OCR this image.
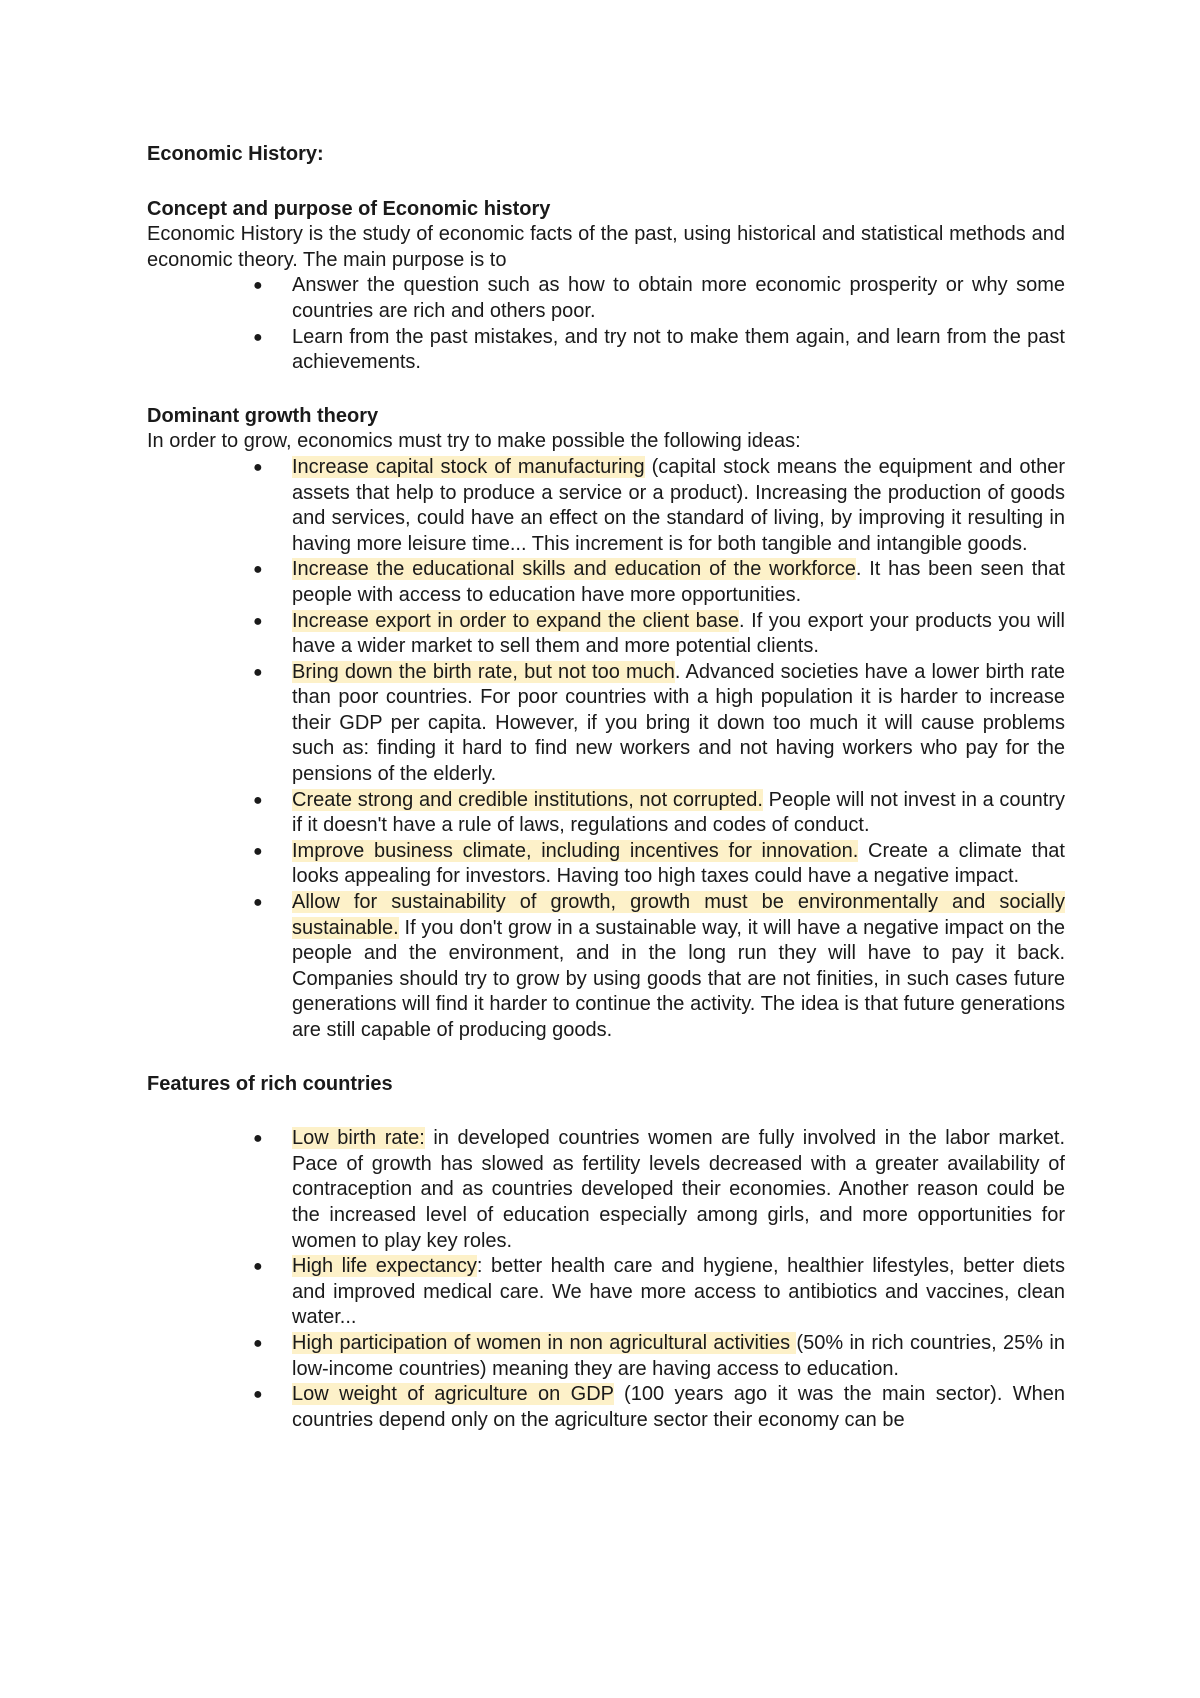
Economic History:
Concept and purpose of Economic history

Economic History is the study of economic facts of the past, using historical and statistical methods and economic theory. The main purpose is to

● Answer the question such as how to obtain more economic prosperity or why some countries are rich and others poor.
● Learn from the past mistakes, and try not to make them again, and learn from the past achievements.
Dominant growth theory

In order to grow, economics must try to make possible the following ideas:

● Increase capital stock of manufacturing (capital stock means the equipment and other assets that help to produce a service or a product). Increasing the production of goods and services, could have an effect on the standard of living, by improving it resulting in having more leisure time... This increment is for both tangible and intangible goods.
● Increase the educational skills and education of the workforce. It has been seen that people with access to education have more opportunities.
● Increase export in order to expand the client base. If you export your products you will have a wider market to sell them and more potential clients.
● Bring down the birth rate, but not too much. Advanced societies have a lower birth rate than poor countries. For poor countries with a high population it is harder to increase their GDP per capita. However, if you bring it down too much it will cause problems such as: finding it hard to find new workers and not having workers who pay for the pensions of the elderly.
● Create strong and credible institutions, not corrupted. People will not invest in a country if it doesn't have a rule of laws, regulations and codes of conduct.
● Improve business climate, including incentives for innovation. Create a climate that looks appealing for investors. Having too high taxes could have a negative impact.
● Allow for sustainability of growth, growth must be environmentally and socially sustainable. If you don't grow in a sustainable way, it will have a negative impact on the people and the environment, and in the long run they will have to pay it back. Companies should try to grow by using goods that are not finities, in such cases future generations will find it harder to continue the activity. The idea is that future generations are still capable of producing goods.
Features of rich countries
● Low birth rate: in developed countries women are fully involved in the labor market. Pace of growth has slowed as fertility levels decreased with a greater availability of contraception and as countries developed their economies. Another reason could be the increased level of education especially among girls, and more opportunities for women to play key roles.
● High life expectancy: better health care and hygiene, healthier lifestyles, better diets and improved medical care. We have more access to antibiotics and vaccines, clean water...
● High participation of women in non agricultural activities (50% in rich countries, 25% in low-income countries) meaning they are having access to education.
● Low weight of agriculture on GDP (100 years ago it was the main sector). When countries depend only on the agriculture sector their economy can be
